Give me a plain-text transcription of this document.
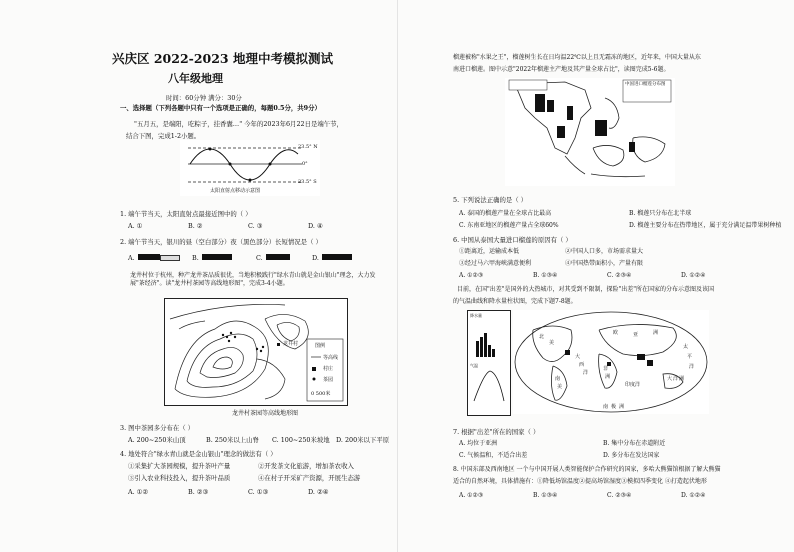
兴庆区 2022-2023 地理中考模拟测试
八年级地理
时间：60分钟 满分：30分
一、选择题（下列各题中只有一个选项是正确的，每题0.5分，共9分）
"五月五，是端阳，吃粽子，挂香囊…" 今年的2023年6月22日是端午节，
结合下图，完成1-2小题。
23.5° N
0°
23.5° S
太阳直射点移动示意图
1. 端午节当天，太阳直射点最接近图中的（ ）
A. ①	B. ②	C. ③	D. ④
2. 端午节当天，银川的昼（空白部分）夜（黑色部分）长短情况是（ ）
A.	B.	C.	D.
龙井村位于杭州，种产龙井茶品质很优，当地积极践行"绿水青山就是金山银山"理念，大力发展"茶经济"。读"龙井村茶园等高线地形图"，完成3-4小题。
龙井村	图例
等高线
村庄
茶园
0 500米
龙井村茶园等高线地形图
3. 图中茶园多分布在（ ）
A. 200~250米山顶	B. 250米以上山脊 C. 100~250米坡地 D. 200米以下平原
4. 地处符合"绿水青山就是金山银山"理念的做法有（ ）
①采集扩大茶园规模，提升茶叶产量	②开发茶文化旅游，增加茶农收入
③引入农业科技投入，提升茶叶品质	④在村子开采矿产资源，开展生态游
A. ①②	B. ②③	C. ①③	D. ②④
榴莲被称"水果之王"，榴莲树生长在日均温22℃以上且无霜冻的地区，近年来，中国大量从东
南进口榴莲。图中示意"2022年榴莲主产地及其产量全球占比"，读图完成5-6题。
中国进口榴莲分布图
5. 下列说法正确的是（ ）
A. 泰国的榴莲产量在全球占比最高	B. 榴莲只分布在北半球
C. 东南亚地区的榴莲产量占全球60%	D. 榴莲主要分布在热带地区，属于充分满足温带果树种植
6. 中国从泰国大量进口榴莲的原因有（ ）
①距离近，运输成本低	②中国人口多，市场需求量大
③经过马六甲海峡满意便利	④中国热带面积小，产量有限
A. ①②③	B. ①③④	C. ②③④	D. ①②④
目前，在国"出差"是国外的大热城市，对其受到不限制，探险"出差"所在国家的分布示意图及该国
的气温曲线和降水量柱状图，完成下题7-8题。
降水量
气温
欧	亚	洲
北
美
太
平
洋
大
西
洋
印度洋
非
洲
南
美
大 洋 洲
南 极 洲
7. 根据"出差"所在的国家（ ）
A. 均位于亚洲	B. 集中分布在赤道附近
C. 气候温和，不适合出差	D. 多分布在发达国家
8. 中国东部及西南地区 一个与中国开展人类智能保护合作研究的国家，多哈大熊猫馆根据了解大熊猫
适合的自然环境，具体措施有：①降低场馆温度②提高场馆湿度③模拟四季变化 ④打造起伏地形
A. ①②③	B. ①③④	C. ②③④	D. ①②④
